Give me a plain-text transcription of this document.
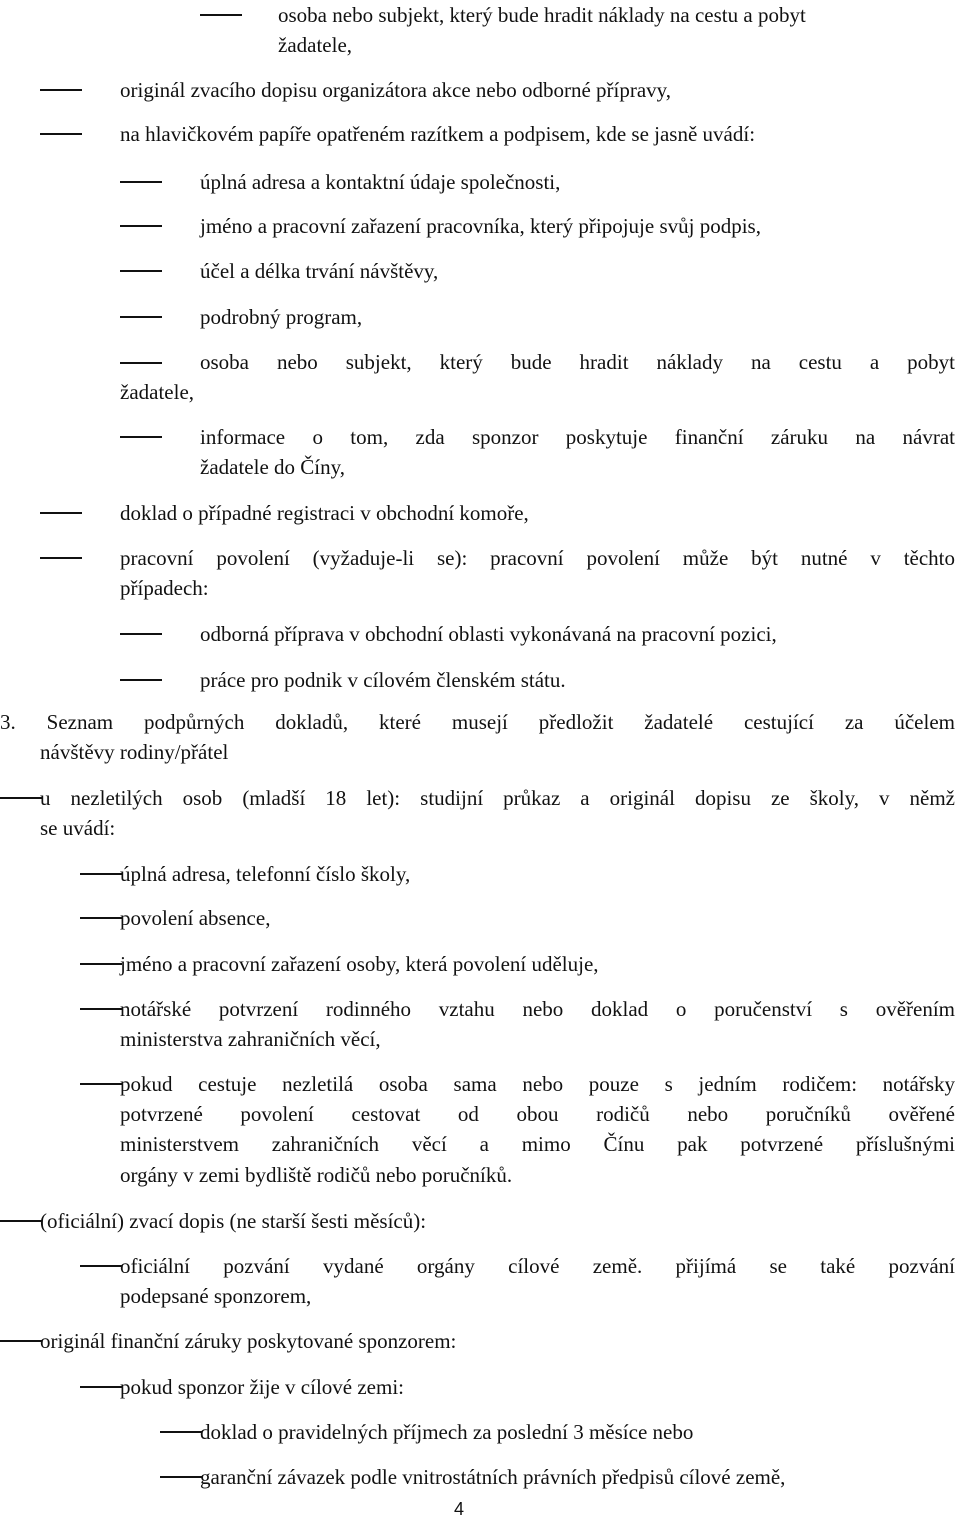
osoba nebo subjekt, který bude hradit náklady na cestu a pobyt
žadatele,
originál zvacího dopisu organizátora akce nebo odborné přípravy,
na hlavičkovém papíře opatřeném razítkem a podpisem, kde se jasně uvádí:
úplná adresa a kontaktní údaje společnosti,
jméno a pracovní zařazení pracovníka, který připojuje svůj podpis,
účel a délka trvání návštěvy,
podrobný program,
osoba nebo subjekt, který bude hradit náklady na cestu a pobyt
žadatele,
informace o tom, zda sponzor poskytuje finanční záruku na návrat
žadatele do Číny,
doklad o případné registraci v obchodní komoře,
pracovní povolení (vyžaduje-li se): pracovní povolení může být nutné v těchto
případech:
odborná příprava v obchodní oblasti vykonávaná na pracovní pozici,
práce pro podnik v cílovém členském státu.
3. Seznam podpůrných dokladů, které musejí předložit žadatelé cestující za účelem
návštěvy rodiny/přátel
u nezletilých osob (mladší 18 let): studijní průkaz a originál dopisu ze školy, v němž
se uvádí:
úplná adresa, telefonní číslo školy,
povolení absence,
jméno a pracovní zařazení osoby, která povolení uděluje,
notářské potvrzení rodinného vztahu nebo doklad o poručenství s ověřením
ministerstva zahraničních věcí,
pokud cestuje nezletilá osoba sama nebo pouze s jedním rodičem: notářsky
potvrzené povolení cestovat od obou rodičů nebo poručníků ověřené
ministerstvem zahraničních věcí a mimo Čínu pak potvrzené příslušnými
orgány v zemi bydliště rodičů nebo poručníků.
(oficiální) zvací dopis (ne starší šesti měsíců):
oficiální pozvání vydané orgány cílové země. přijímá se také pozvání
podepsané sponzorem,
originál finanční záruky poskytované sponzorem:
pokud sponzor žije v cílové zemi:
doklad o pravidelných příjmech za poslední 3 měsíce nebo
garanční závazek podle vnitrostátních právních předpisů cílové země,
4
